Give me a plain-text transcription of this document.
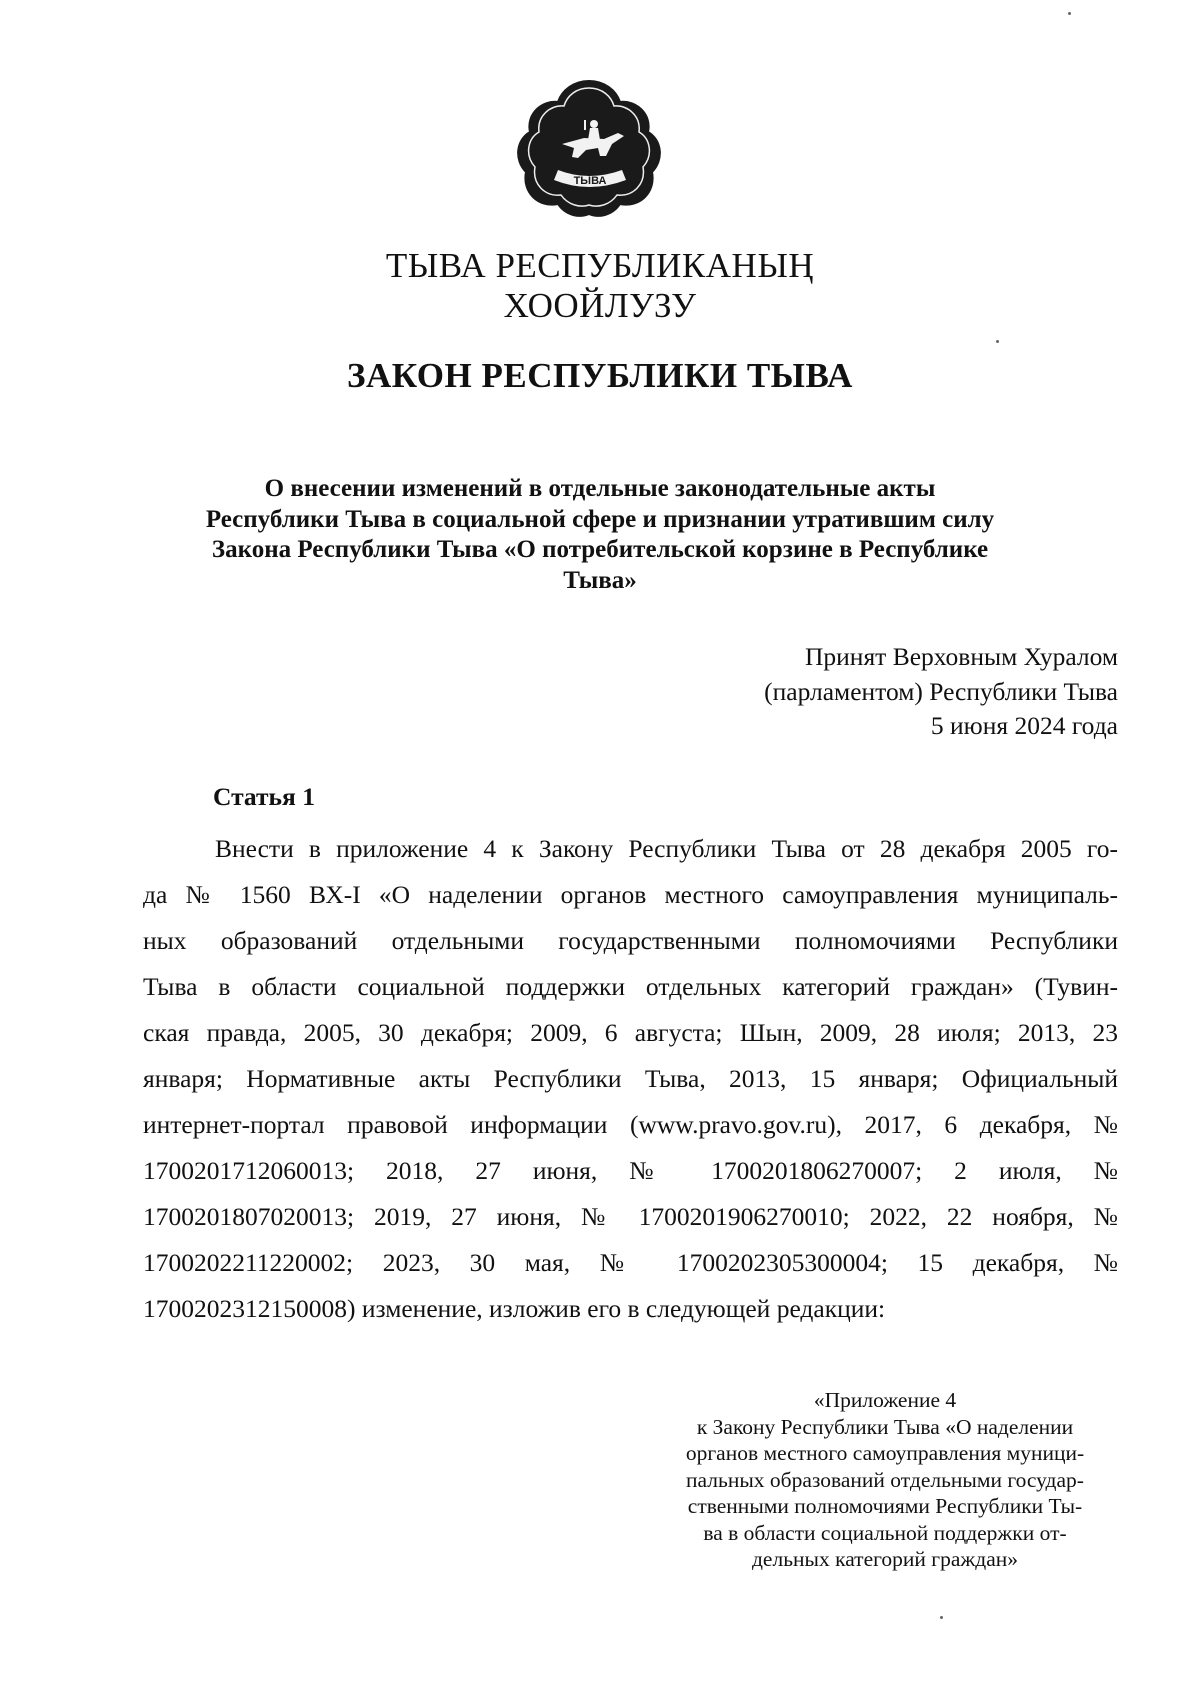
ТЫВА
ТЫВА РЕСПУБЛИКАНЫҢ
ХООЙЛУЗУ
ЗАКОН РЕСПУБЛИКИ ТЫВА
О внесении изменений в отдельные законодательные акты
Республики Тыва в социальной сфере и признании утратившим силу
Закона Республики Тыва «О потребительской корзине в Республике
Тыва»
Принят Верховным Хуралом
(парламентом) Республики Тыва
5 июня 2024 года
Статья 1
Внести в приложение 4 к Закону Республики Тыва от 28 декабря 2005 го-
да № 1560 ВХ-I «О наделении органов местного самоуправления муниципаль-
ных образований отдельными государственными полномочиями Республики
Тыва в области социальной поддержки отдельных категорий граждан» (Тувин-
ская правда, 2005, 30 декабря; 2009, 6 августа; Шын, 2009, 28 июля; 2013, 23
января; Нормативные акты Республики Тыва, 2013, 15 января; Официальный
интернет-портал правовой информации (www.pravo.gov.ru), 2017, 6 декабря, №
1700201712060013; 2018, 27 июня, № 1700201806270007; 2 июля, №
1700201807020013; 2019, 27 июня, № 1700201906270010; 2022, 22 ноября, №
1700202211220002; 2023, 30 мая, № 1700202305300004; 15 декабря, №
1700202312150008) изменение, изложив его в следующей редакции:
«Приложение 4
к Закону Республики Тыва «О наделении
органов местного самоуправления муници-
пальных образований отдельными государ-
ственными полномочиями Республики Ты-
ва в области социальной поддержки от-
дельных категорий граждан»
